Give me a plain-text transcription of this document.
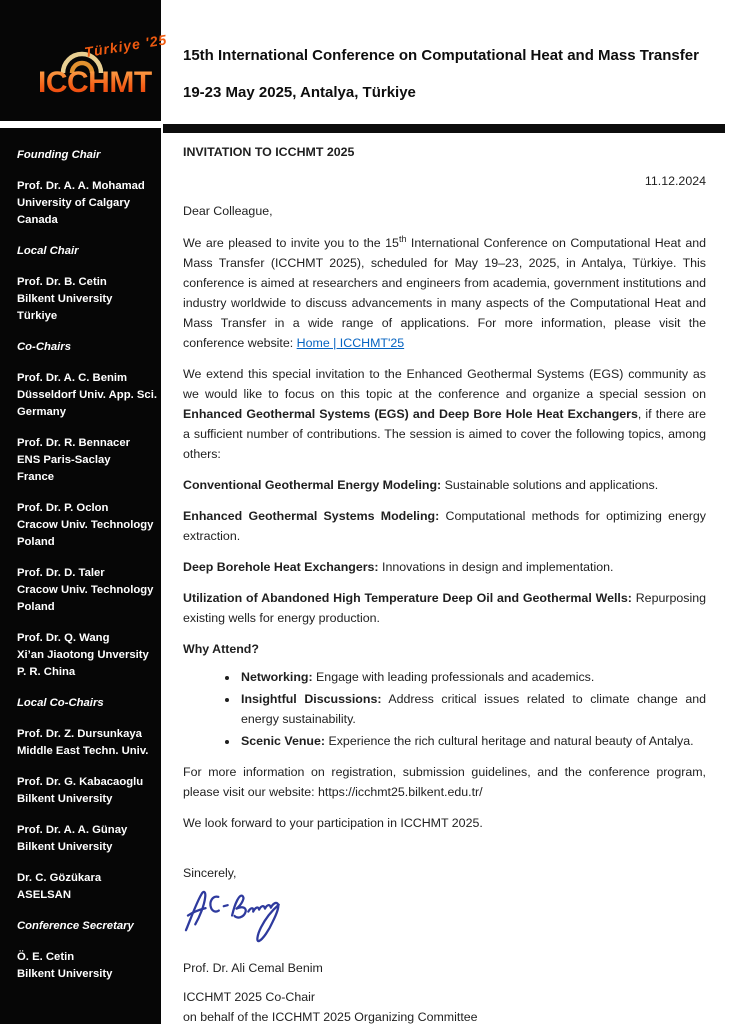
Türkiye '25
ICCHMT
15th International Conference on Computational Heat and Mass Transfer
19-23 May 2025, Antalya, Türkiye
Founding Chair
Prof. Dr. A. A. Mohamad
University of Calgary
Canada
Local Chair
Prof. Dr. B. Cetin
Bilkent University
Türkiye
Co-Chairs
Prof. Dr. A. C. Benim
Düsseldorf Univ. App. Sci.
Germany
Prof. Dr. R. Bennacer
ENS Paris-Saclay
France
Prof. Dr. P. Oclon
Cracow Univ. Technology
Poland
Prof. Dr. D. Taler
Cracow Univ. Technology
Poland
Prof. Dr. Q. Wang
Xi’an Jiaotong Unversity
P. R. China
Local Co-Chairs
Prof. Dr. Z. Dursunkaya
Middle East Techn. Univ.
Prof. Dr. G. Kabacaoglu
Bilkent University
Prof. Dr. A. A. Günay
Bilkent University
Dr. C. Gözükara
ASELSAN
Conference Secretary
Ö. E. Cetin
Bilkent University

INVITATION TO ICCHMT 2025

11.12.2024

Dear Colleague,

We are pleased to invite you to the 15th International Conference on Computational Heat and Mass Transfer (ICCHMT 2025), scheduled for May 19–23, 2025, in Antalya, Türkiye. This conference is aimed at researchers and engineers from academia, government institutions and industry worldwide to discuss advancements in many aspects of the Computational Heat and Mass Transfer in a wide range of applications. For more information, please visit the conference website: Home | ICCHMT'25

We extend this special invitation to the Enhanced Geothermal Systems (EGS) community as we would like to focus on this topic at the conference and organize a special session on Enhanced Geothermal Systems (EGS) and Deep Bore Hole Heat Exchangers, if there are a sufficient number of contributions. The session is aimed to cover the following topics, among others:

Conventional Geothermal Energy Modeling: Sustainable solutions and applications.

Enhanced Geothermal Systems Modeling: Computational methods for optimizing energy extraction.

Deep Borehole Heat Exchangers: Innovations in design and implementation.

Utilization of Abandoned High Temperature Deep Oil and Geothermal Wells: Repurposing existing wells for energy production.

Why Attend?

• Networking: Engage with leading professionals and academics.
• Insightful Discussions: Address critical issues related to climate change and energy sustainability.
• Scenic Venue: Experience the rich cultural heritage and natural beauty of Antalya.

For more information on registration, submission guidelines, and the conference program, please visit our website: https://icchmt25.bilkent.edu.tr/

We look forward to your participation in ICCHMT 2025.

Sincerely,

Prof. Dr. Ali Cemal Benim

ICCHMT 2025 Co-Chair
on behalf of the ICCHMT 2025 Organizing Committee
